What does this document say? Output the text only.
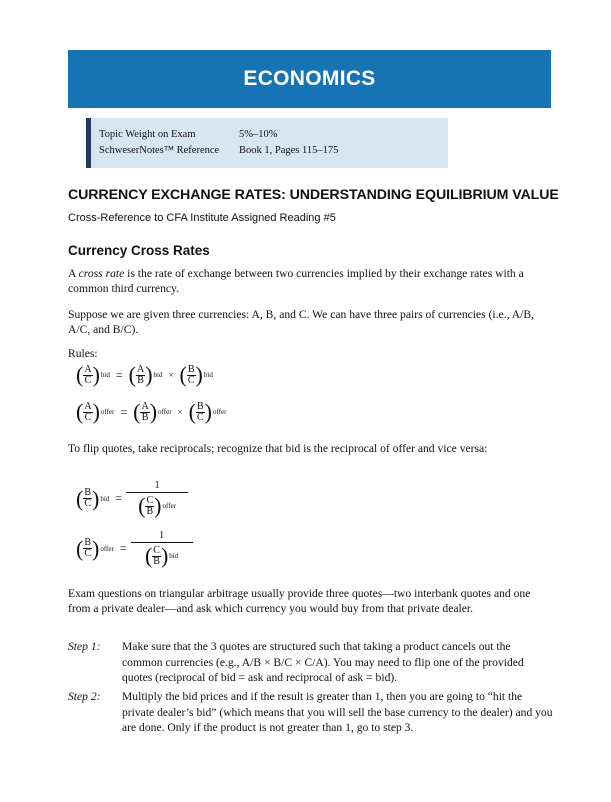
ECONOMICS
Topic Weight on Exam	5%–10%
SchweserNotes™ Reference	Book 1, Pages 115–175
CURRENCY EXCHANGE RATES: UNDERSTANDING EQUILIBRIUM VALUE
Cross-Reference to CFA Institute Assigned Reading #5
Currency Cross Rates
A cross rate is the rate of exchange between two currencies implied by their exchange rates with a common third currency.
Suppose we are given three currencies: A, B, and C. We can have three pairs of currencies (i.e., A/B, A/C, and B/C).
Rules:
( $\frac{A}{C}$ ) bid = ( $\frac{A}{B}$ ) bid × ( $\frac{B}{C}$ ) bid
( $\frac{A}{C}$ ) offer = ( $\frac{A}{B}$ ) offer × ( $\frac{B}{C}$ ) offer
To flip quotes, take reciprocals; recognize that bid is the reciprocal of offer and vice versa:
( $\frac{B}{C}$ ) bid =
1
( $\frac{C}{B}$ ) offer
( $\frac{B}{C}$ ) offer =
1
( $\frac{C}{B}$ ) bid
Exam questions on triangular arbitrage usually provide three quotes—two interbank quotes and one from a private dealer—and ask which currency you would buy from that private dealer.
Step 1:	Make sure that the 3 quotes are structured such that taking a product cancels out the common currencies (e.g., A/B × B/C × C/A). You may need to flip one of the provided quotes (reciprocal of bid = ask and reciprocal of ask = bid).
Step 2:	Multiply the bid prices and if the result is greater than 1, then you are going to “hit the private dealer’s bid” (which means that you will sell the base currency to the dealer) and you are done. Only if the product is not greater than 1, go to step 3.
